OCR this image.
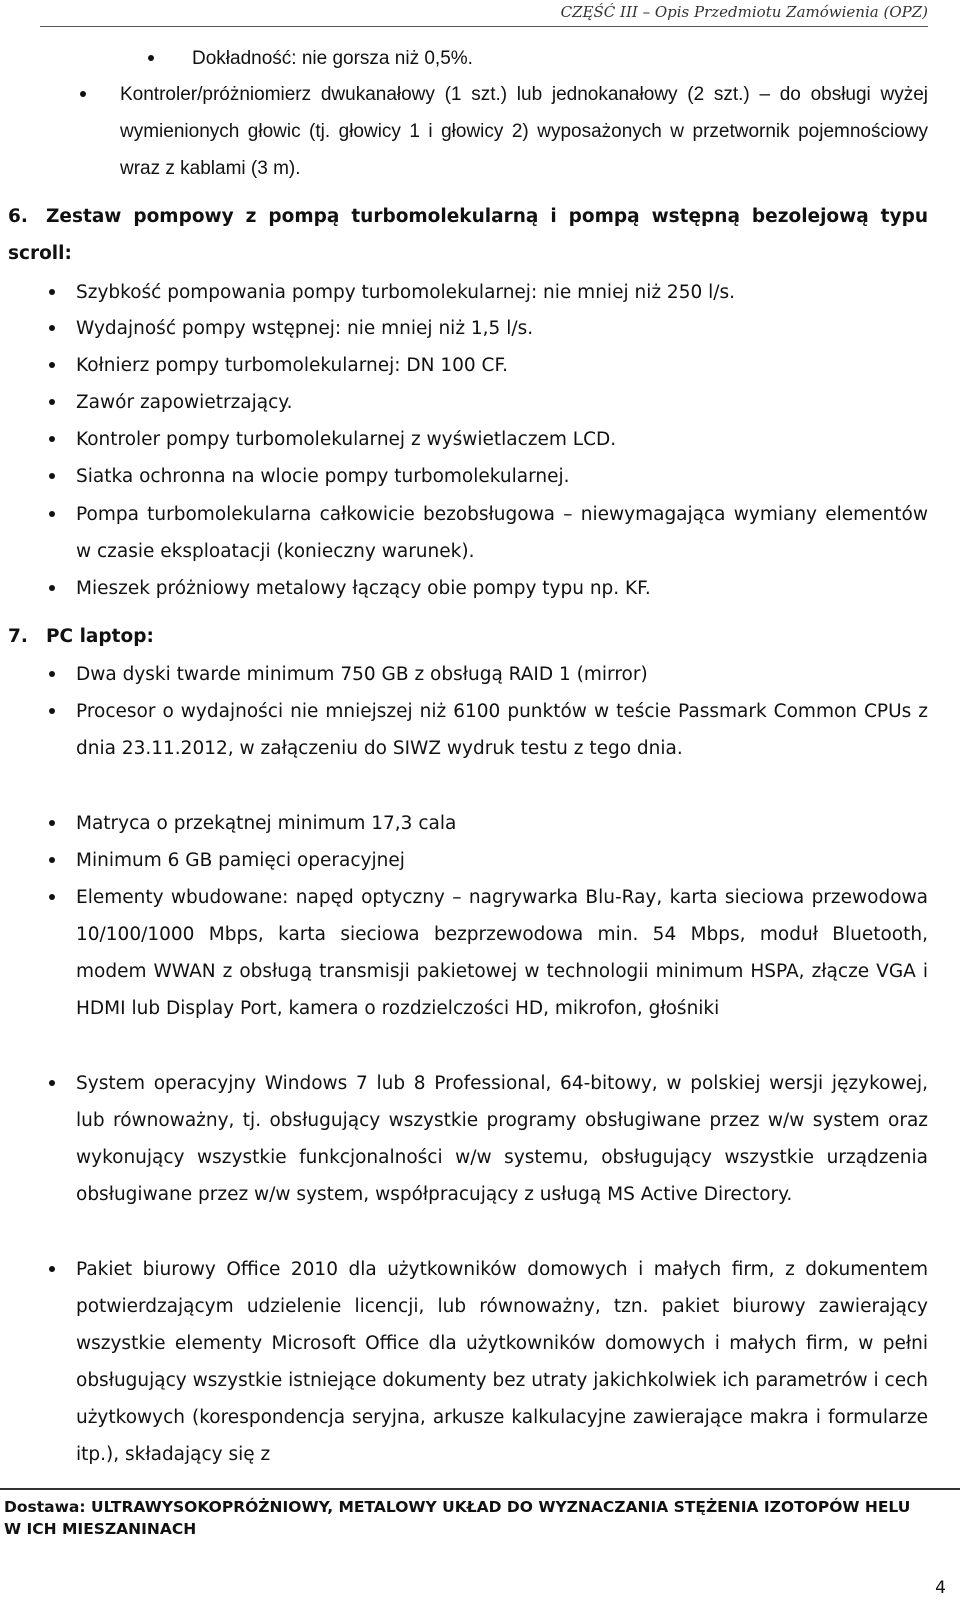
CZĘŚĆ III – Opis Przedmiotu Zamówienia (OPZ)
Dokładność: nie gorsza niż 0,5%.
Kontroler/próżniomierz dwukanałowy (1 szt.) lub jednokanałowy (2 szt.) – do obsługi wyżej wymienionych głowic (tj. głowicy 1 i głowicy 2) wyposażonych w przetwornik pojemnościowy wraz z kablami (3 m).
6. Zestaw pompowy z pompą turbomolekularną i pompą wstępną bezolejową typu scroll:
Szybkość pompowania pompy turbomolekularnej: nie mniej niż 250 l/s.
Wydajność pompy wstępnej: nie mniej niż 1,5 l/s.
Kołnierz pompy turbomolekularnej: DN 100 CF.
Zawór zapowietrzający.
Kontroler pompy turbomolekularnej z wyświetlaczem LCD.
Siatka ochronna na wlocie pompy turbomolekularnej.
Pompa turbomolekularna całkowicie bezobsługowa – niewymagająca wymiany elementów w czasie eksploatacji (konieczny warunek).
Mieszek próżniowy metalowy łączący obie pompy typu np. KF.
7. PC laptop:
Dwa dyski twarde minimum 750 GB z obsługą RAID 1 (mirror)
Procesor o wydajności nie mniejszej niż 6100 punktów w teście Passmark Common CPUs z dnia 23.11.2012, w załączeniu do SIWZ wydruk testu z tego dnia.
Matryca o przekątnej minimum 17,3 cala
Minimum 6 GB pamięci operacyjnej
Elementy wbudowane: napęd optyczny – nagrywarka Blu-Ray, karta sieciowa przewodowa 10/100/1000 Mbps, karta sieciowa bezprzewodowa min. 54 Mbps, moduł Bluetooth, modem WWAN z obsługą transmisji pakietowej w technologii minimum HSPA, złącze VGA i HDMI lub Display Port, kamera o rozdzielczości HD, mikrofon, głośniki
System operacyjny Windows 7 lub 8 Professional, 64-bitowy, w polskiej wersji językowej, lub równoważny, tj. obsługujący wszystkie programy obsługiwane przez w/w system oraz wykonujący wszystkie funkcjonalności w/w systemu, obsługujący wszystkie urządzenia obsługiwane przez w/w system, współpracujący z usługą MS Active Directory.
Pakiet biurowy Office 2010 dla użytkowników domowych i małych firm, z dokumentem potwierdzającym udzielenie licencji, lub równoważny, tzn. pakiet biurowy zawierający wszystkie elementy Microsoft Office dla użytkowników domowych i małych firm, w pełni obsługujący wszystkie istniejące dokumenty bez utraty jakichkolwiek ich parametrów i cech użytkowych (korespondencja seryjna, arkusze kalkulacyjne zawierające makra i formularze itp.), składający się z
Dostawa: ULTRAWYSOKOPRÓŻNIOWY, METALOWY UKŁAD DO WYZNACZANIA STĘŻENIA IZOTOPÓW HELU W ICH MIESZANINACH
4
